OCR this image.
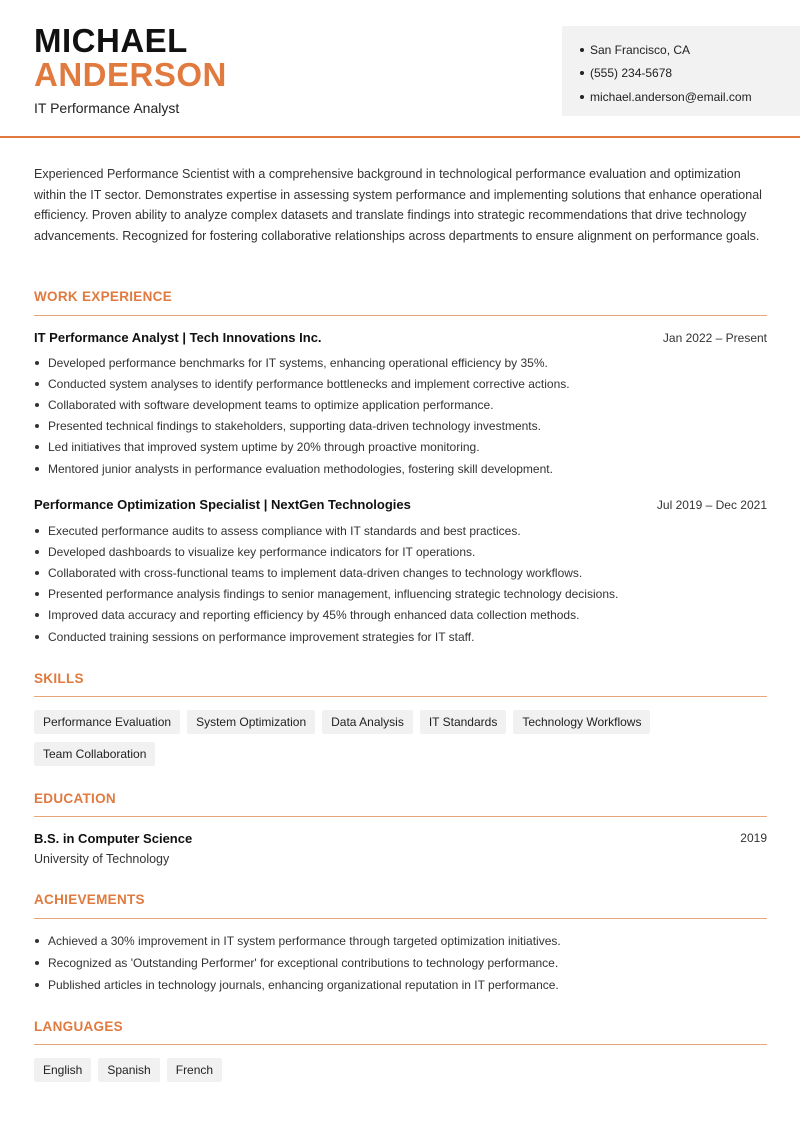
MICHAEL
ANDERSON
IT Performance Analyst
San Francisco, CA
(555) 234-5678
michael.anderson@email.com

Experienced Performance Scientist with a comprehensive background in technological performance evaluation and optimization within the IT sector. Demonstrates expertise in assessing system performance and implementing solutions that enhance operational efficiency. Proven ability to analyze complex datasets and translate findings into strategic recommendations that drive technology advancements. Recognized for fostering collaborative relationships across departments to ensure alignment on performance goals.

WORK EXPERIENCE
IT Performance Analyst | Tech Innovations Inc.	Jan 2022 – Present
Developed performance benchmarks for IT systems, enhancing operational efficiency by 35%.
Conducted system analyses to identify performance bottlenecks and implement corrective actions.
Collaborated with software development teams to optimize application performance.
Presented technical findings to stakeholders, supporting data-driven technology investments.
Led initiatives that improved system uptime by 20% through proactive monitoring.
Mentored junior analysts in performance evaluation methodologies, fostering skill development.
Performance Optimization Specialist | NextGen Technologies	Jul 2019 – Dec 2021
Executed performance audits to assess compliance with IT standards and best practices.
Developed dashboards to visualize key performance indicators for IT operations.
Collaborated with cross-functional teams to implement data-driven changes to technology workflows.
Presented performance analysis findings to senior management, influencing strategic technology decisions.
Improved data accuracy and reporting efficiency by 45% through enhanced data collection methods.
Conducted training sessions on performance improvement strategies for IT staff.
SKILLS
Performance Evaluation	System Optimization	Data Analysis	IT Standards	Technology Workflows
Team Collaboration
EDUCATION
B.S. in Computer Science	2019
University of Technology
ACHIEVEMENTS
Achieved a 30% improvement in IT system performance through targeted optimization initiatives.
Recognized as 'Outstanding Performer' for exceptional contributions to technology performance.
Published articles in technology journals, enhancing organizational reputation in IT performance.
LANGUAGES
English	Spanish	French
